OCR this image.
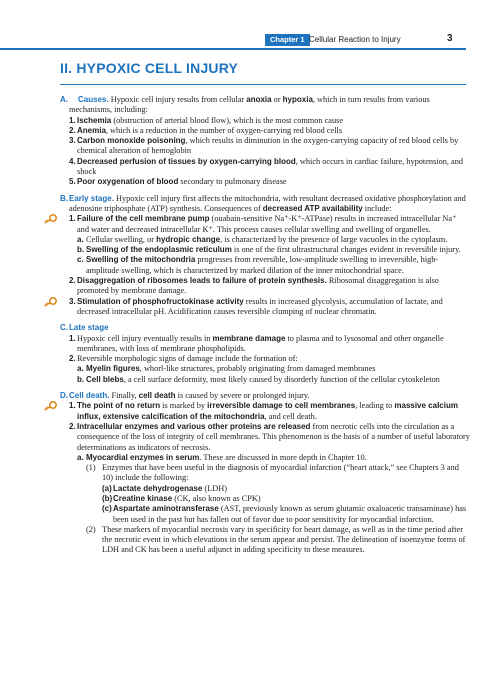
Chapter 1 Cellular Reaction to Injury	3
II. HYPOXIC CELL INJURY
A. Causes. Hypoxic cell injury results from cellular anoxia or hypoxia, which in turn results from various mechanisms, including:
1. Ischemia (obstruction of arterial blood flow), which is the most common cause
2. Anemia, which is a reduction in the number of oxygen-carrying red blood cells
3. Carbon monoxide poisoning, which results in diminution in the oxygen-carrying capacity of red blood cells by chemical alteration of hemoglobin
4. Decreased perfusion of tissues by oxygen-carrying blood, which occurs in cardiac failure, hypotension, and shock
5. Poor oxygenation of blood secondary to pulmonary disease
B. Early stage. Hypoxic cell injury first affects the mitochondria, with resultant decreased oxidative phosphorylation and adenosine triphosphate (ATP) synthesis. Consequences of decreased ATP availability include:
1. Failure of the cell membrane pump (ouabain-sensitive Na⁺-K⁺-ATPase) results in increased intracellular Na⁺ and water and decreased intracellular K⁺. This process causes cellular swelling and swelling of organelles.
a. Cellular swelling, or hydropic change, is characterized by the presence of large vacuoles in the cytoplasm.
b. Swelling of the endoplasmic reticulum is one of the first ultrastructural changes evident in reversible injury.
c. Swelling of the mitochondria progresses from reversible, low-amplitude swelling to irreversible, high-amplitude swelling, which is characterized by marked dilation of the inner mitochondrial space.
2. Disaggregation of ribosomes leads to failure of protein synthesis. Ribosomal disaggregation is also promoted by membrane damage.
3. Stimulation of phosphofructokinase activity results in increased glycolysis, accumulation of lactate, and decreased intracellular pH. Acidification causes reversible clumping of nuclear chromatin.
C. Late stage
1. Hypoxic cell injury eventually results in membrane damage to plasma and to lysosomal and other organelle membranes, with loss of membrane phospholipids.
2. Reversible morphologic signs of damage include the formation of:
a. Myelin figures, whorl-like structures, probably originating from damaged membranes
b. Cell blebs, a cell surface deformity, most likely caused by disorderly function of the cellular cytoskeleton
D. Cell death. Finally, cell death is caused by severe or prolonged injury.
1. The point of no return is marked by irreversible damage to cell membranes, leading to massive calcium influx, extensive calcification of the mitochondria, and cell death.
2. Intracellular enzymes and various other proteins are released from necrotic cells into the circulation as a consequence of the loss of integrity of cell membranes. This phenomenon is the basis of a number of useful laboratory determinations as indicators of necrosis.
a. Myocardial enzymes in serum. These are discussed in more depth in Chapter 10.
(1) Enzymes that have been useful in the diagnosis of myocardial infarction (“heart attack,” see Chapters 3 and 10) include the following:
(a) Lactate dehydrogenase (LDH)
(b) Creatine kinase (CK, also known as CPK)
(c) Aspartate aminotransferase (AST, previously known as serum glutamic oxaloacetic transaminase) has been used in the past but has fallen out of favor due to poor sensitivity for myocardial infarction.
(2) These markers of myocardial necrosis vary in specificity for heart damage, as well as in the time period after the necrotic event in which elevations in the serum appear and persist. The delineation of isoenzyme forms of LDH and CK has been a useful adjunct in adding specificity to these measures.
